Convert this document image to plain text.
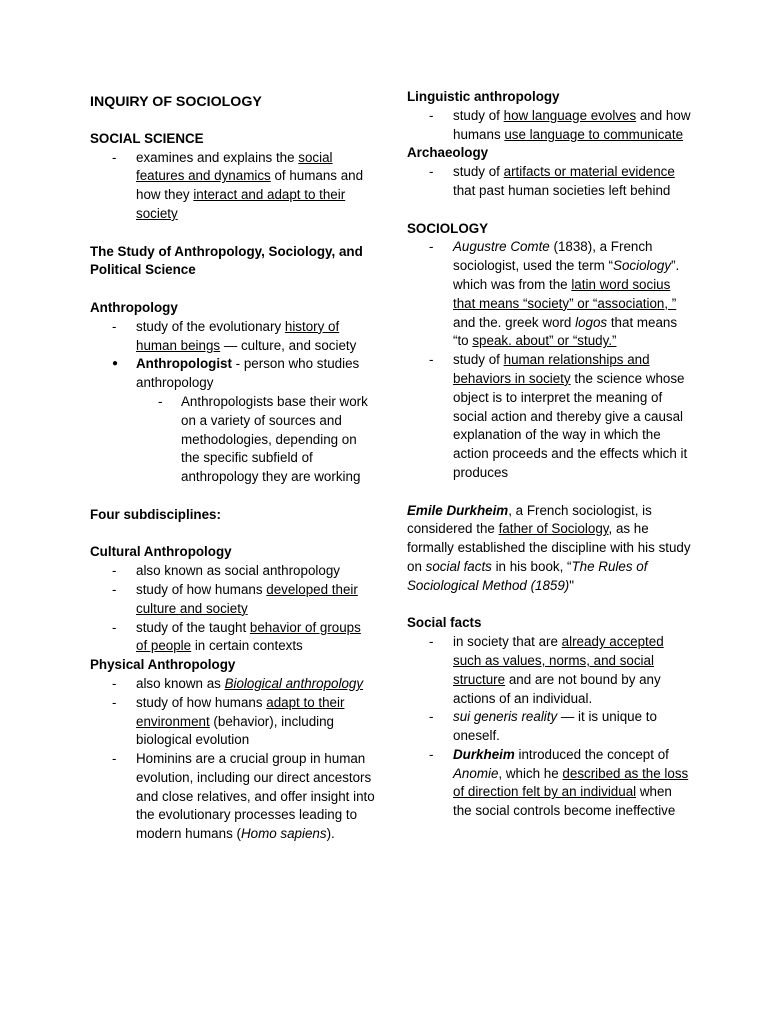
INQUIRY OF SOCIOLOGY

SOCIAL SCIENCE

- examines and explains the social features and dynamics of humans and how they interact and adapt to their society

The Study of Anthropology, Sociology, and Political Science

Anthropology

- study of the evolutionary history of human beings — culture, and society
● Anthropologist - person who studies anthropology
- Anthropologists base their work on a variety of sources and methodologies, depending on the specific subfield of anthropology they are working

Four subdisciplines:

Cultural Anthropology

- also known as social anthropology
- study of how humans developed their culture and society
- study of the taught behavior of groups of people in certain contexts

Physical Anthropology

- also known as Biological anthropology
- study of how humans adapt to their environment (behavior), including biological evolution
- Hominins are a crucial group in human evolution, including our direct ancestors and close relatives, and offer insight into the evolutionary processes leading to modern humans (Homo sapiens).

Linguistic anthropology

- study of how language evolves and how humans use language to communicate

Archaeology

- study of artifacts or material evidence that past human societies left behind

SOCIOLOGY

- Augustre Comte (1838), a French sociologist, used the term “Sociology”. which was from the latin word socius that means “society” or “association, ” and the. greek word logos that means “to speak. about” or “study.”
- study of human relationships and behaviors in society the science whose object is to interpret the meaning of social action and thereby give a causal explanation of the way in which the action proceeds and the effects which it produces

Emile Durkheim, a French sociologist, is considered the father of Sociology, as he formally established the discipline with his study on social facts in his book, “The Rules of Sociological Method (1859)"

Social facts

- in society that are already accepted such as values, norms, and social structure and are not bound by any actions of an individual.
- sui generis reality — it is unique to oneself.
- Durkheim introduced the concept of Anomie, which he described as the loss of direction felt by an individual when the social controls become ineffective
